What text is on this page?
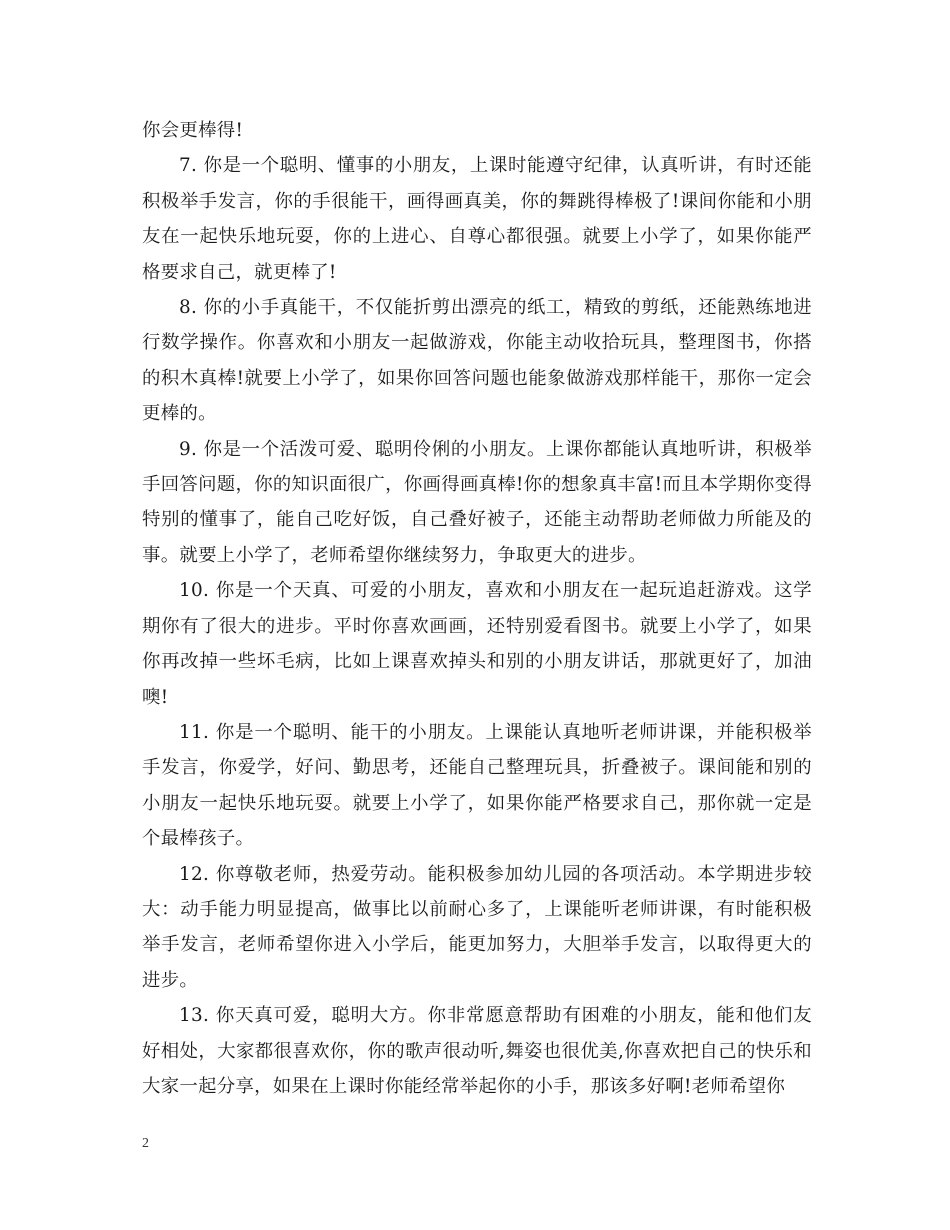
你会更棒得!

7. 你是一个聪明、懂事的小朋友，上课时能遵守纪律，认真听讲，有时还能积极举手发言，你的手很能干，画得画真美，你的舞跳得棒极了!课间你能和小朋友在一起快乐地玩耍，你的上进心、自尊心都很强。就要上小学了，如果你能严格要求自己，就更棒了!

8. 你的小手真能干，不仅能折剪出漂亮的纸工，精致的剪纸，还能熟练地进行数学操作。你喜欢和小朋友一起做游戏，你能主动收拾玩具，整理图书，你搭的积木真棒!就要上小学了，如果你回答问题也能象做游戏那样能干，那你一定会更棒的。

9. 你是一个活泼可爱、聪明伶俐的小朋友。上课你都能认真地听讲，积极举手回答问题，你的知识面很广，你画得画真棒!你的想象真丰富!而且本学期你变得特别的懂事了，能自己吃好饭，自己叠好被子，还能主动帮助老师做力所能及的事。就要上小学了，老师希望你继续努力，争取更大的进步。

10. 你是一个天真、可爱的小朋友，喜欢和小朋友在一起玩追赶游戏。这学期你有了很大的进步。平时你喜欢画画，还特别爱看图书。就要上小学了，如果你再改掉一些坏毛病，比如上课喜欢掉头和别的小朋友讲话，那就更好了，加油噢!

11. 你是一个聪明、能干的小朋友。上课能认真地听老师讲课，并能积极举手发言，你爱学，好问、勤思考，还能自己整理玩具，折叠被子。课间能和别的小朋友一起快乐地玩耍。就要上小学了，如果你能严格要求自己，那你就一定是个最棒孩子。

12. 你尊敬老师，热爱劳动。能积极参加幼儿园的各项活动。本学期进步较大：动手能力明显提高，做事比以前耐心多了，上课能听老师讲课，有时能积极举手发言，老师希望你进入小学后，能更加努力，大胆举手发言，以取得更大的进步。

13. 你天真可爱，聪明大方。你非常愿意帮助有困难的小朋友，能和他们友好相处，大家都很喜欢你，你的歌声很动听,舞姿也很优美,你喜欢把自己的快乐和大家一起分享，如果在上课时你能经常举起你的小手，那该多好啊!老师希望你

2
